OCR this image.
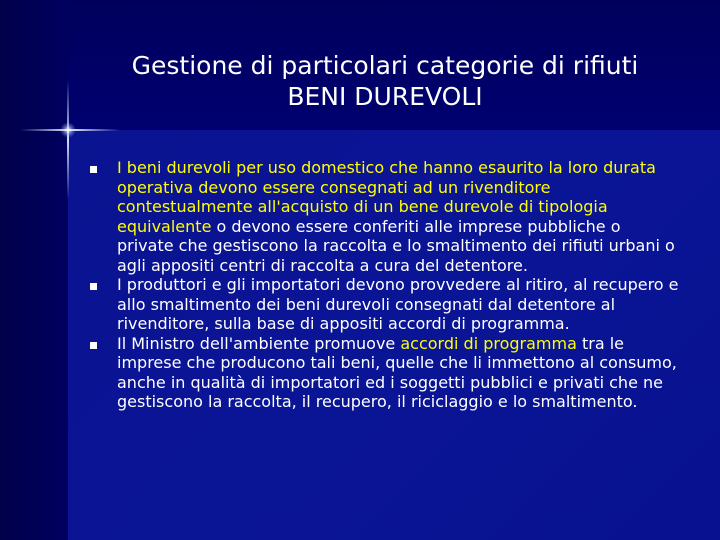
Gestione di particolari categorie di rifiuti
BENI DUREVOLI
I beni durevoli per uso domestico che hanno esaurito la loro durata operativa devono essere consegnati ad un rivenditore contestualmente all'acquisto di un bene durevole di tipologia equivalente o devono essere conferiti alle imprese pubbliche o private che gestiscono la raccolta e lo smaltimento dei rifiuti urbani o agli appositi centri di raccolta a cura del detentore.
I produttori e gli importatori devono provvedere al ritiro, al recupero e allo smaltimento dei beni durevoli consegnati dal detentore al rivenditore, sulla base di appositi accordi di programma.
Il Ministro dell'ambiente promuove accordi di programma tra le imprese che producono tali beni, quelle che li immettono al consumo, anche in qualità di importatori ed i soggetti pubblici e privati che ne gestiscono la raccolta, il recupero, il riciclaggio e lo smaltimento.
